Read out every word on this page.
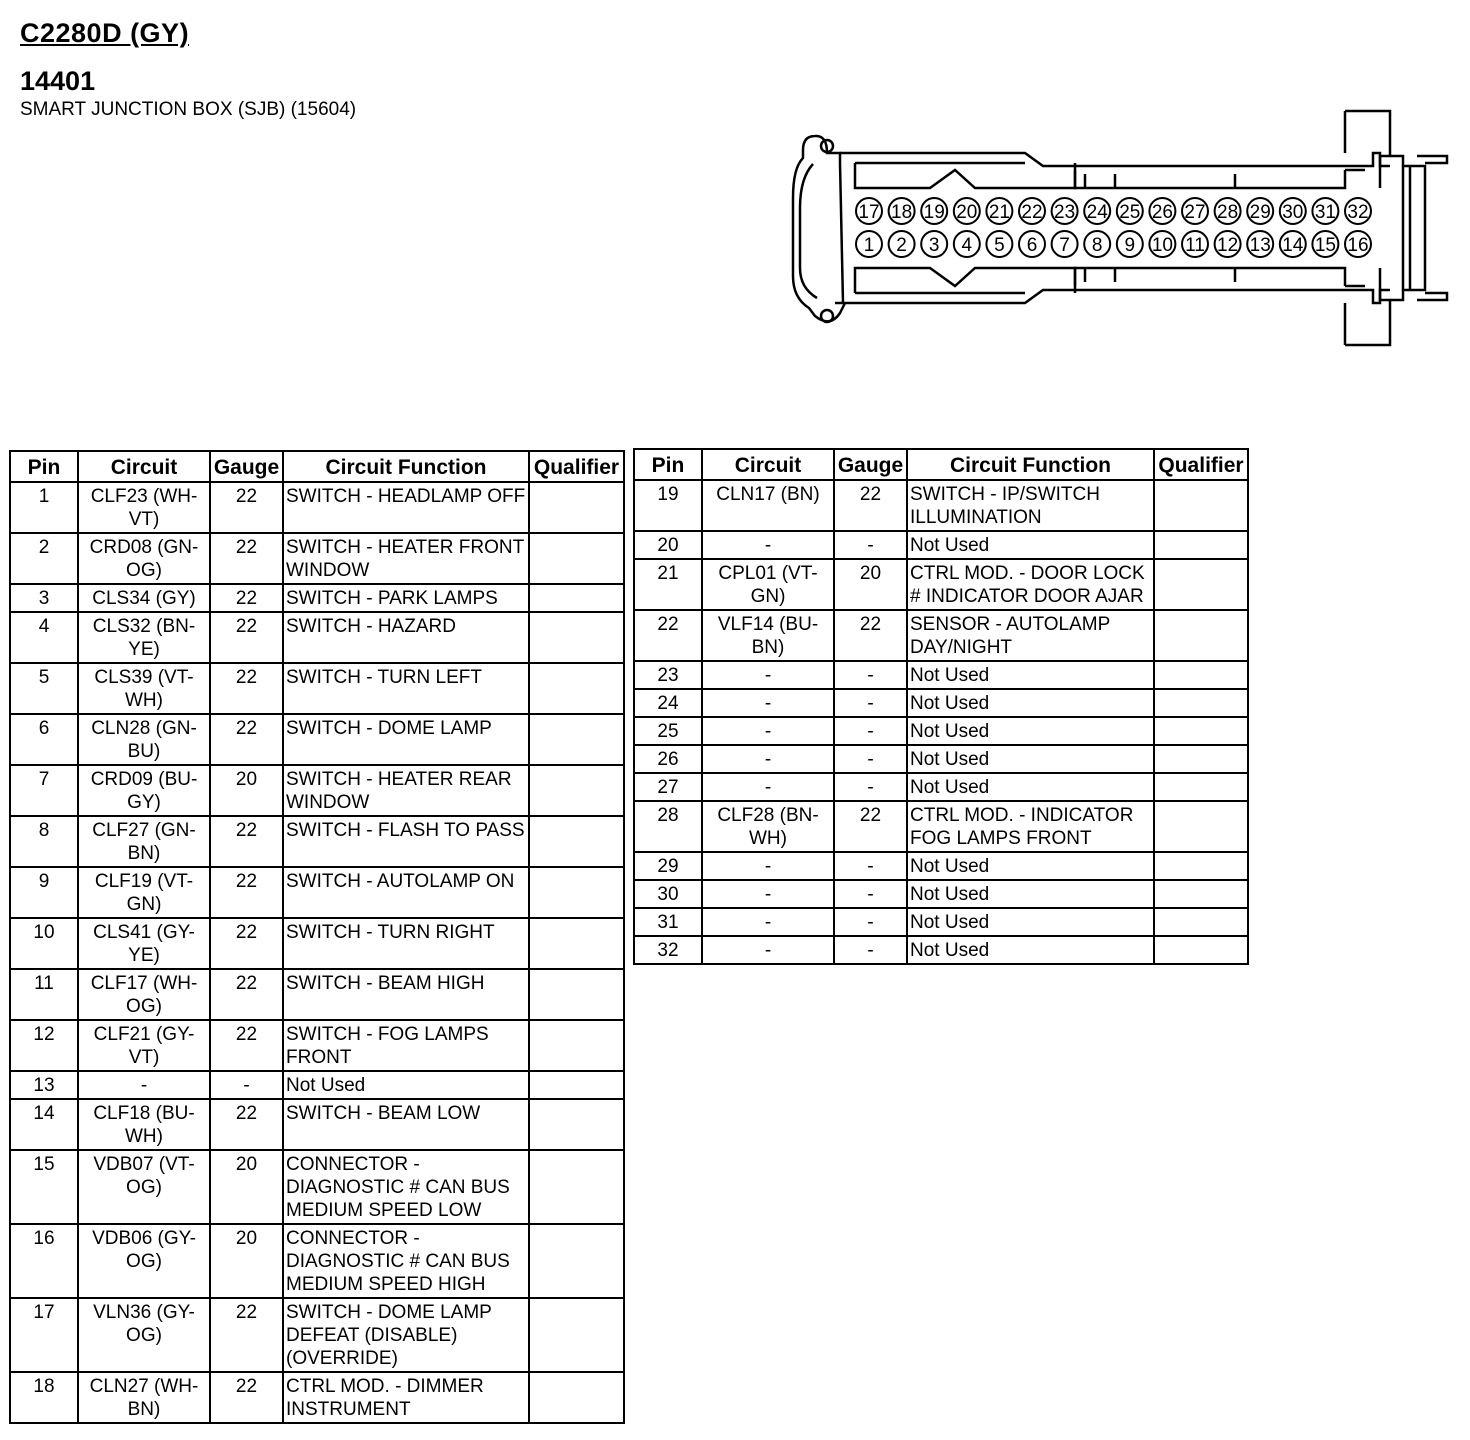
C2280D (GY)
14401
SMART JUNCTION BOX (SJB) (15604)
17 18 19 20 21 22 23 24 25 26 27 28 29 30 31 32
1 2 3 4 5 6 7 8 9 10 11 12 13 14 15 16
Pin	Circuit	Gauge	Circuit Function	Qualifier
1	CLF23 (WH-VT)	22	SWITCH - HEADLAMP OFF	
2	CRD08 (GN-OG)	22	SWITCH - HEATER FRONT WINDOW	
3	CLS34 (GY)	22	SWITCH - PARK LAMPS	
4	CLS32 (BN-YE)	22	SWITCH - HAZARD	
5	CLS39 (VT-WH)	22	SWITCH - TURN LEFT	
6	CLN28 (GN-BU)	22	SWITCH - DOME LAMP	
7	CRD09 (BU-GY)	20	SWITCH - HEATER REAR WINDOW	
8	CLF27 (GN-BN)	22	SWITCH - FLASH TO PASS	
9	CLF19 (VT-GN)	22	SWITCH - AUTOLAMP ON	
10	CLS41 (GY-YE)	22	SWITCH - TURN RIGHT	
11	CLF17 (WH-OG)	22	SWITCH - BEAM HIGH	
12	CLF21 (GY-VT)	22	SWITCH - FOG LAMPS FRONT	
13	-	-	Not Used	
14	CLF18 (BU-WH)	22	SWITCH - BEAM LOW	
15	VDB07 (VT-OG)	20	CONNECTOR - DIAGNOSTIC # CAN BUS MEDIUM SPEED LOW	
16	VDB06 (GY-OG)	20	CONNECTOR - DIAGNOSTIC # CAN BUS MEDIUM SPEED HIGH	
17	VLN36 (GY-OG)	22	SWITCH - DOME LAMP DEFEAT (DISABLE) (OVERRIDE)	
18	CLN27 (WH-BN)	22	CTRL MOD. - DIMMER INSTRUMENT	
Pin	Circuit	Gauge	Circuit Function	Qualifier
19	CLN17 (BN)	22	SWITCH - IP/SWITCH ILLUMINATION	
20	-	-	Not Used	
21	CPL01 (VT-GN)	20	CTRL MOD. - DOOR LOCK # INDICATOR DOOR AJAR	
22	VLF14 (BU-BN)	22	SENSOR - AUTOLAMP DAY/NIGHT	
23	-	-	Not Used	
24	-	-	Not Used	
25	-	-	Not Used	
26	-	-	Not Used	
27	-	-	Not Used	
28	CLF28 (BN-WH)	22	CTRL MOD. - INDICATOR FOG LAMPS FRONT	
29	-	-	Not Used	
30	-	-	Not Used	
31	-	-	Not Used	
32	-	-	Not Used	
